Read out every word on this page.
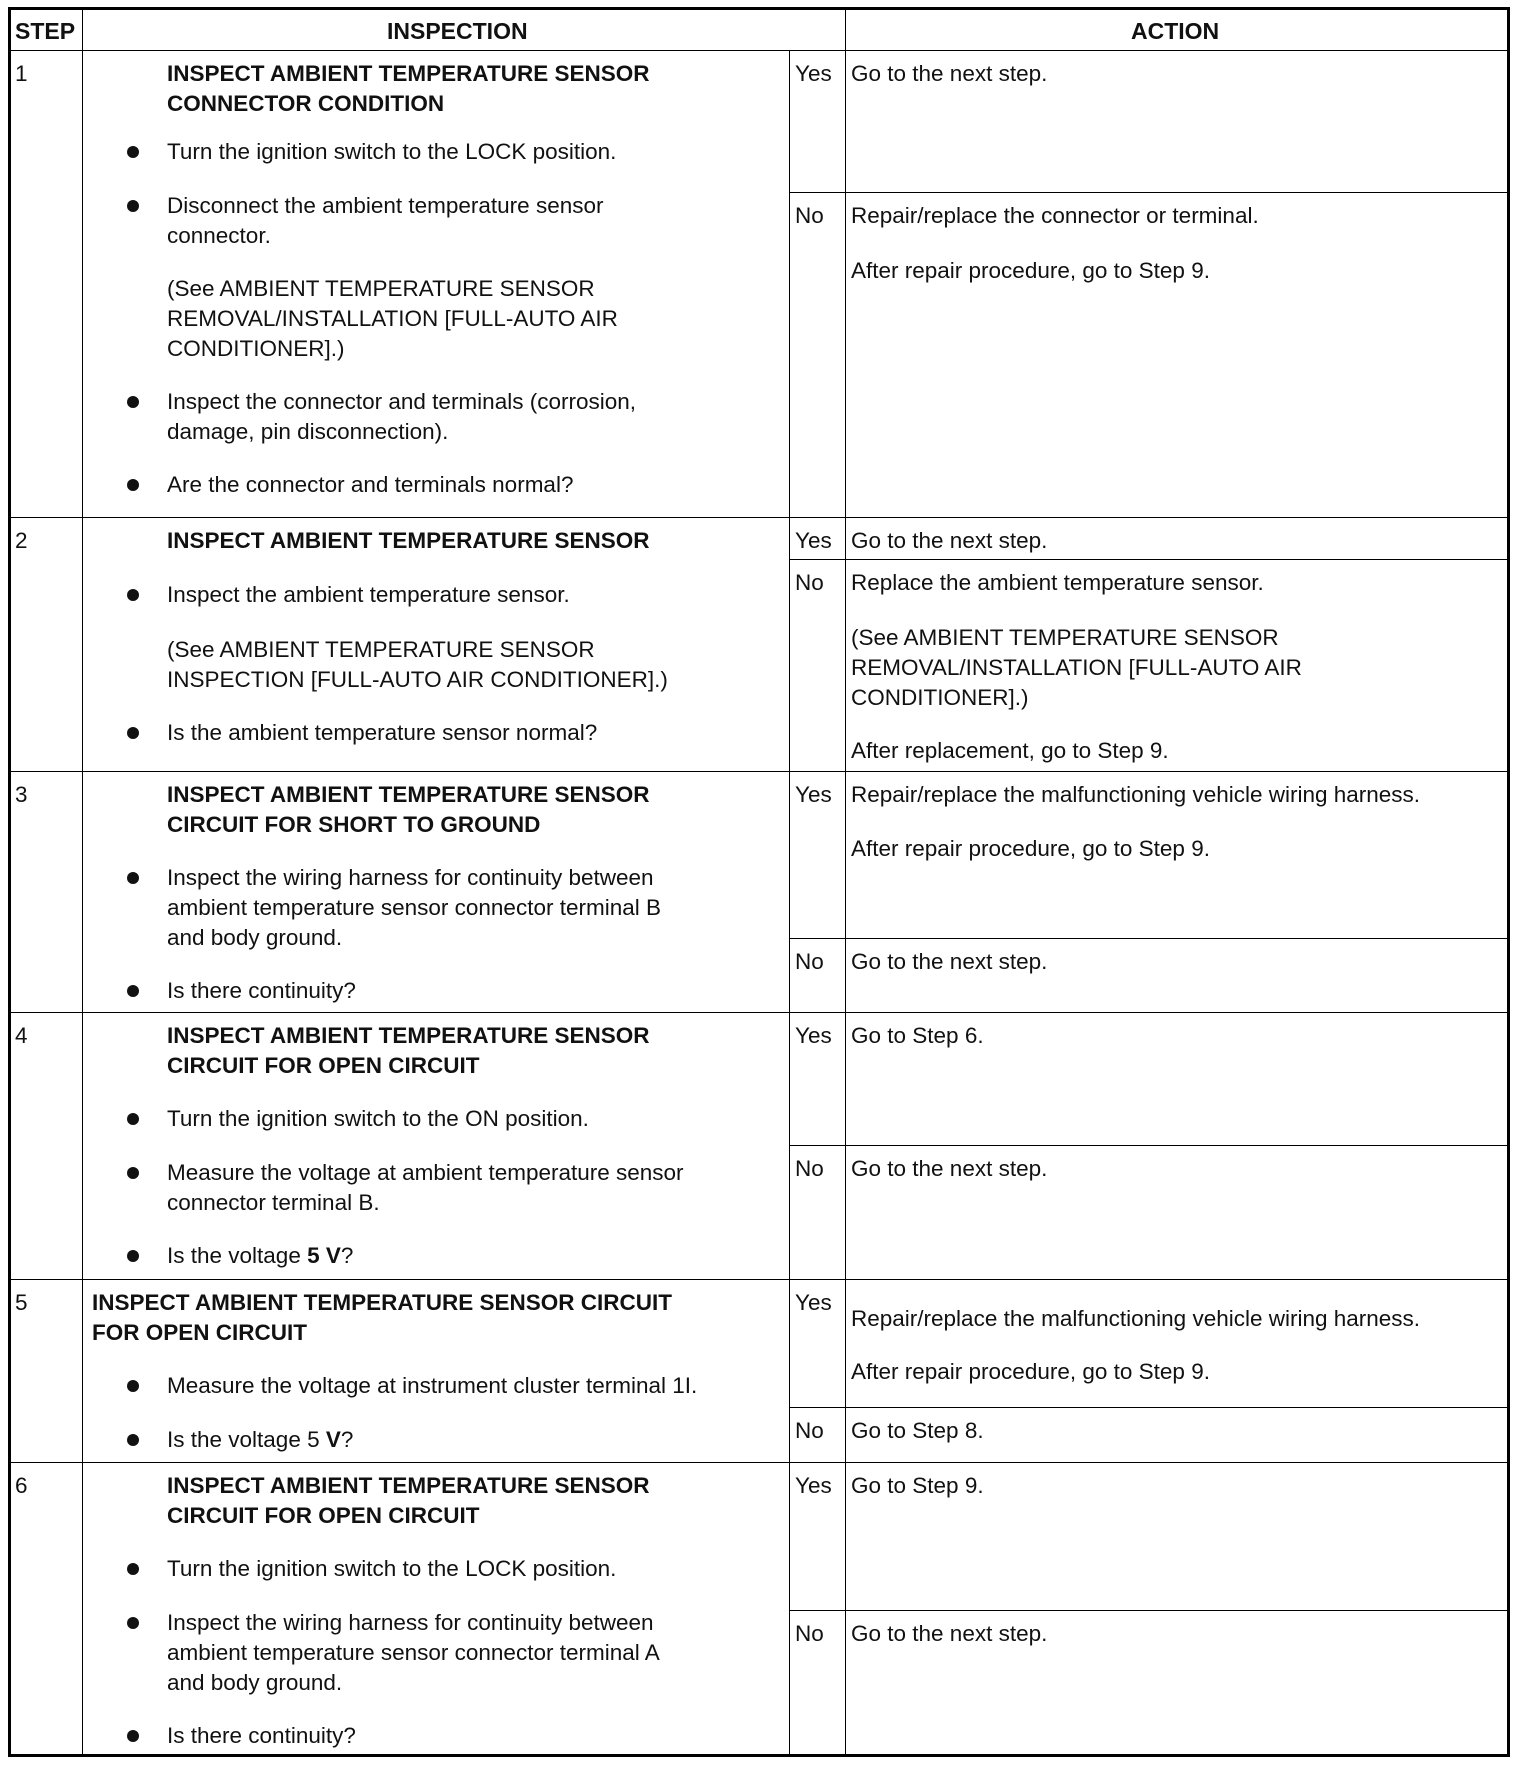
STEP	INSPECTION	ACTION
1	INSPECT AMBIENT TEMPERATURE SENSOR
CONNECTOR CONDITION
Turn the ignition switch to the LOCK position.
Disconnect the ambient temperature sensor
connector.
(See AMBIENT TEMPERATURE SENSOR
REMOVAL/INSTALLATION [FULL-AUTO AIR
CONDITIONER].)
Inspect the connector and terminals (corrosion,
damage, pin disconnection).
Are the connector and terminals normal?
Yes Go to the next step.
No Repair/replace the connector or terminal.
After repair procedure, go to Step 9.
2	INSPECT AMBIENT TEMPERATURE SENSOR
Inspect the ambient temperature sensor.
(See AMBIENT TEMPERATURE SENSOR
INSPECTION [FULL-AUTO AIR CONDITIONER].)
Is the ambient temperature sensor normal?
Yes Go to the next step.
No Replace the ambient temperature sensor.
(See AMBIENT TEMPERATURE SENSOR
REMOVAL/INSTALLATION [FULL-AUTO AIR
CONDITIONER].)
After replacement, go to Step 9.
3	INSPECT AMBIENT TEMPERATURE SENSOR
CIRCUIT FOR SHORT TO GROUND
Inspect the wiring harness for continuity between
ambient temperature sensor connector terminal B
and body ground.
Is there continuity?
Yes Repair/replace the malfunctioning vehicle wiring harness.
After repair procedure, go to Step 9.
No Go to the next step.
4	INSPECT AMBIENT TEMPERATURE SENSOR
CIRCUIT FOR OPEN CIRCUIT
Turn the ignition switch to the ON position.
Measure the voltage at ambient temperature sensor
connector terminal B.
Is the voltage 5 V?
Yes Go to Step 6.
No Go to the next step.
5	INSPECT AMBIENT TEMPERATURE SENSOR CIRCUIT
FOR OPEN CIRCUIT
Measure the voltage at instrument cluster terminal 1I.
Is the voltage 5 V?
Yes
Repair/replace the malfunctioning vehicle wiring harness.
After repair procedure, go to Step 9.
No Go to Step 8.
6	INSPECT AMBIENT TEMPERATURE SENSOR
CIRCUIT FOR OPEN CIRCUIT
Turn the ignition switch to the LOCK position.
Inspect the wiring harness for continuity between
ambient temperature sensor connector terminal A
and body ground.
Is there continuity?
Yes Go to Step 9.
No Go to the next step.
